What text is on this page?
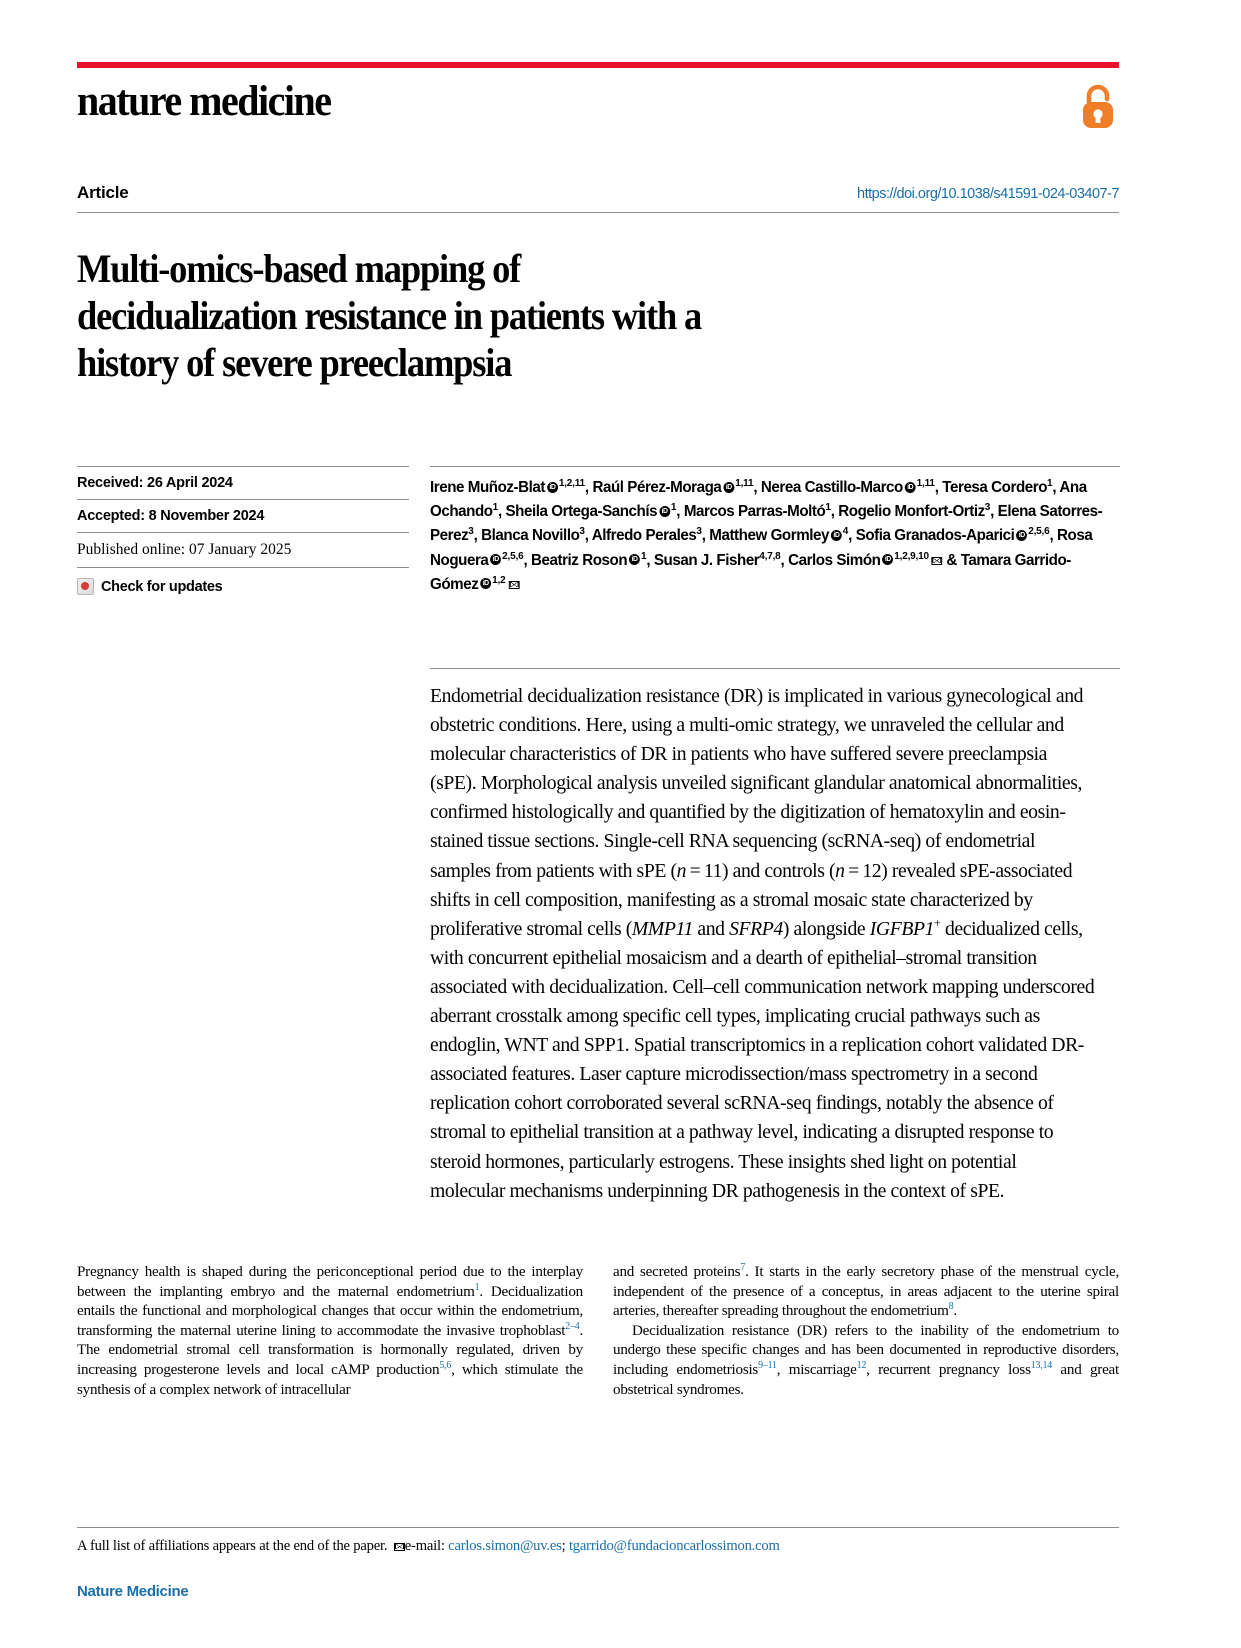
nature medicine
Article	https://doi.org/10.1038/s41591-024-03407-7
Multi-omics-based mapping of
decidualization resistance in patients with a
history of severe preeclampsia
Received: 26 April 2024
Accepted: 8 November 2024
Published online: 07 January 2025
Check for updates
Irene Muñoz-Blat iD $^{1,2,11}$, Raúl Pérez-Moraga iD $^{1,11}$, Nerea Castillo-Marco iD $^{1,11}$, Teresa Cordero$^1$, Ana Ochando$^1$, Sheila Ortega-Sanchís iD $^1$, Marcos Parras-Moltó$^1$, Rogelio Monfort-Ortiz$^3$, Elena Satorres-Perez$^3$, Blanca Novillo$^3$, Alfredo Perales$^3$, Matthew GormleyiD $^4$, Sofia Granados-Aparici iD $^{2,5,6}$, Rosa Noguera iD $^{2,5,6}$, Beatriz Roson iD $^1$, Susan J. Fisher$^{4,7,8}$, Carlos Simón iD $^{1,2,9,10}$ & Tamara Garrido-Gómez iD $^{1,2}$
Endometrial decidualization resistance (DR) is implicated in various gynecological and obstetric conditions. Here, using a multi-omic strategy, we unraveled the cellular and molecular characteristics of DR in patients who have suffered severe preeclampsia (sPE). Morphological analysis unveiled significant glandular anatomical abnormalities, confirmed histologically and quantified by the digitization of hematoxylin and eosin-stained tissue sections. Single-cell RNA sequencing (scRNA-seq) of endometrial samples from patients with sPE (n = 11) and controls (n = 12) revealed sPE-associated shifts in cell composition, manifesting as a stromal mosaic state characterized by proliferative stromal cells (MMP11 and SFRP4) alongside IGFBP1+ decidualized cells, with concurrent epithelial mosaicism and a dearth of epithelial–stromal transition associated with decidualization. Cell–cell communication network mapping underscored aberrant crosstalk among specific cell types, implicating crucial pathways such as endoglin, WNT and SPP1. Spatial transcriptomics in a replication cohort validated DR-associated features. Laser capture microdissection/mass spectrometry in a second replication cohort corroborated several scRNA-seq findings, notably the absence of stromal to epithelial transition at a pathway level, indicating a disrupted response to steroid hormones, particularly estrogens. These insights shed light on potential molecular mechanisms underpinning DR pathogenesis in the context of sPE.

Pregnancy health is shaped during the periconceptional period due to the interplay between the implanting embryo and the maternal endometrium$^1$. Decidualization entails the functional and morphological changes that occur within the endometrium, transforming the maternal uterine lining to accommodate the invasive trophoblast$^{2-4}$. The endometrial stromal cell transformation is hormonally regulated, driven by increasing progesterone levels and local cAMP production$^{5,6}$, which stimulate the synthesis of a complex network of intracellular

and secreted proteins$^7$. It starts in the early secretory phase of the menstrual cycle, independent of the presence of a conceptus, in areas adjacent to the uterine spiral arteries, thereafter spreading throughout the endometrium$^8$.

Decidualization resistance (DR) refers to the inability of the endometrium to undergo these specific changes and has been documented in reproductive disorders, including endometriosis$^{9-11}$, miscarriage$^{12}$, recurrent pregnancy loss$^{13,14}$ and great obstetrical syndromes.

A full list of affiliations appears at the end of the paper. e-mail: carlos.simon@uv.es; tgarrido@fundacioncarlossimon.com
Nature Medicine
